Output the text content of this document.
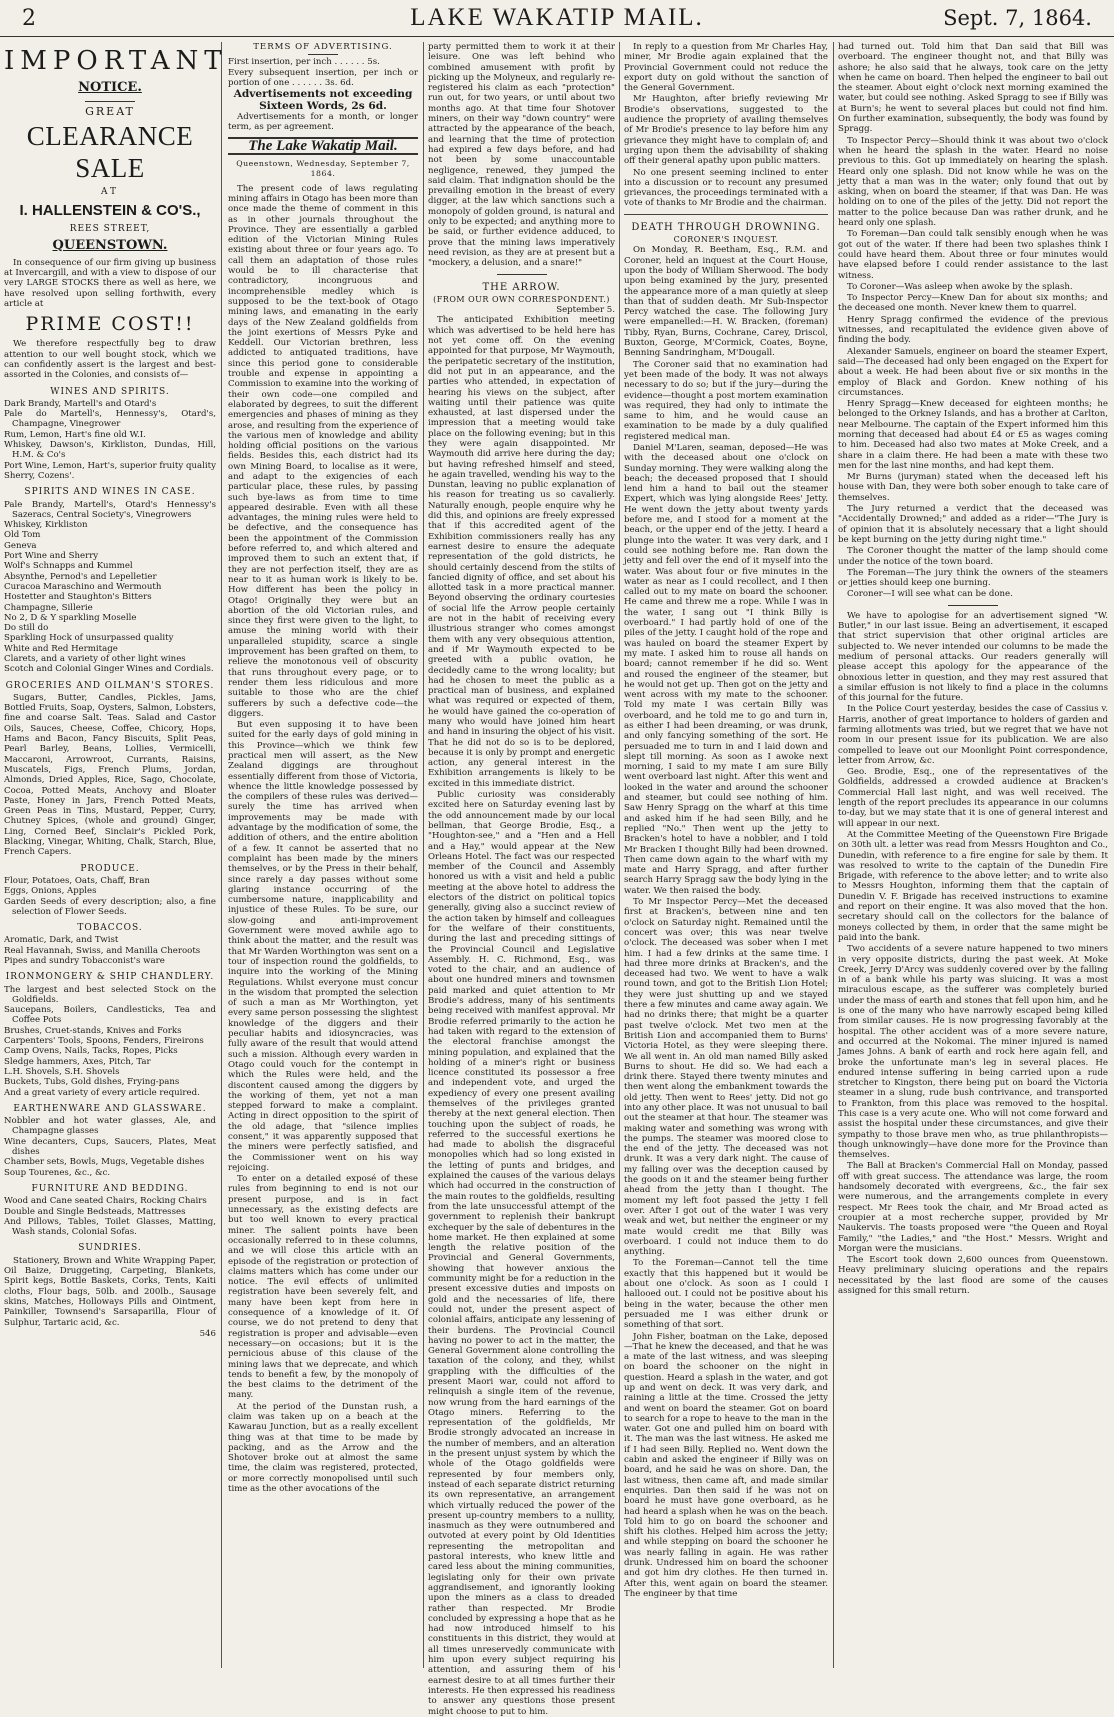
2	LAKE WAKATIP MAIL.	Sept. 7, 1864.
IMPORTANT
NOTICE.
GREAT
CLEARANCE SALE
AT
I. HALLENSTEIN & CO'S.,
REES STREET,
QUEENSTOWN.

In consequence of our firm giving up business at Invercargill, and with a view to dispose of our very LARGE STOCKS there as well as here, we have resolved upon selling forthwith, every article at

PRIME COST!!

We therefore respectfully beg to draw attention to our well bought stock, which we can confidently assert is the largest and best-assorted in the Colonies, and consists of—

WINES AND SPIRITS.
Dark Brandy, Martell's and Otard's
Pale do Martell's, Hennessy's, Otard's, Champagne, Vinegrower
Rum, Lemon, Hart's fine old W.I.
Whiskey, Dawson's, Kirkliston, Dundas, Hill, H.M. & Co's
Port Wine, Lemon, Hart's, superior fruity quality
Sherry, Cozens'.
SPIRITS AND WINES IN CASE.
Pale Brandy, Martell's, Otard's Hennessy's Sazeracs, Central Society's, Vinegrowers
Whiskey, Kirkliston
Old Tom
Geneva
Port Wine and Sherry
Wolf's Schnapps and Kummel
Absynthe, Pernod's and Lepelletier
Curacoa Maraschino and Wermouth
Hostetter and Staughton's Bitters
Champagne, Sillerie
No 2, D & Y sparkling Moselle
Do still do
Sparkling Hock of unsurpassed quality
White and Red Hermitage
Clarets, and a variety of other light wines
Scotch and Colonial Ginger Wines and Cordials.
GROCERIES AND OILMAN'S STORES.

Sugars, Butter, Candles, Pickles, Jams, Bottled Fruits, Soap, Oysters, Salmon, Lobsters, fine and coarse Salt. Teas. Salad and Castor Oils, Sauces, Cheese, Coffee, Chicory, Hops, Hams and Bacon, Fancy Biscuits, Split Peas, Pearl Barley, Beans, Lollies, Vermicelli, Maccaroni, Arrowroot, Currants, Raisins, Muscatels, Figs, French Plums, Jordan, Almonds, Dried Apples, Rice, Sago, Chocolate, Cocoa, Potted Meats, Anchovy and Bloater Paste, Honey in Jars, French Potted Meats, Green Peas in Tins, Mustard, Pepper, Curry, Chutney Spices, (whole and ground) Ginger, Ling, Corned Beef, Sinclair's Pickled Pork, Blacking, Vinegar, Whiting, Chalk, Starch, Blue, French Capers.

PRODUCE.
Flour, Potatoes, Oats, Chaff, Bran
Eggs, Onions, Apples
Garden Seeds of every description; also, a fine selection of Flower Seeds.
TOBACCOS.
Aromatic, Dark, and Twist
Real Havannah, Swiss, and Manilla Cheroots
Pipes and sundry Tobacconist's ware
IRONMONGERY & SHIP CHANDLERY.
The largest and best selected Stock on the Goldfields.
Saucepans, Boilers, Candlesticks, Tea and Coffee Pots
Brushes, Cruet-stands, Knives and Forks
Carpenters' Tools, Spoons, Fenders, Fireirons
Camp Ovens, Nails, Tacks, Ropes, Picks
Sledge hammers, Axes, Pitch, Tar
L.H. Shovels, S.H. Shovels
Buckets, Tubs, Gold dishes, Frying-pans
And a great variety of every article required.
EARTHENWARE AND GLASSWARE.
Nobbler and hot water glasses, Ale, and Champagne glasses
Wine decanters, Cups, Saucers, Plates, Meat dishes
Chamber sets, Bowls, Mugs, Vegetable dishes
Soup Tourenes, &c., &c.
FURNITURE AND BEDDING.
Wood and Cane seated Chairs, Rocking Chairs
Double and Single Bedsteads, Mattresses
And Pillows, Tables, Toilet Glasses, Matting, Wash stands, Colonial Sofas.
SUNDRIES.

Stationery, Brown and White Wrapping Paper, Oil Baize, Druggeting, Carpeting, Blankets, Spirit kegs, Bottle Baskets, Corks, Tents, Kaiti cloths, Flour bags, 50lb. and 200lb., Sausage skins, Matches, Holloways Pills and Ointment, Painkiller, Townsend's Sarsaparilla, Flour of Sulphur, Tartaric acid, &c.

546
TERMS OF ADVERTISING.
First insertion, per inch . . . . . . 5s.
Every subsequent insertion, per inch or portion of one . . . . . . 3s. 6d.
Advertisements not exceeding Sixteen Words, 2s 6d.

Advertisements for a month, or longer term, as per agreement.

The Lake Wakatip Mail.
Queenstown, Wednesday, September 7, 1864.

The present code of laws regulating mining affairs in Otago has been more than once made the theme of comment in this as in other journals throughout the Province. They are essentially a garbled edition of the Victorian Mining Rules existing about three or four years ago. To call them an adaptation of those rules would be to ill characterise that contradictory, incongruous and incomprehensible medley which is supposed to be the text-book of Otago mining laws, and emanating in the early days of the New Zealand goldfields from the joint exertions of Messrs Pyke and Keddell. Our Victorian brethren, less addicted to antiquated traditions, have since this period gone to considerable trouble and expense in appointing a Commission to examine into the working of their own code—one compiled and elaborated by degrees, to suit the different emergencies and phases of mining as they arose, and resulting from the experience of the various men of knowledge and ability holding official positions on the various fields. Besides this, each district had its own Mining Board, to localise as it were, and adapt to the exigencies of each particular place, these rules, by passing such bye-laws as from time to time appeared desirable. Even with all these advantages, the mining rules were held to be defective, and the consequence has been the appointment of the Commission before referred to, and which altered and improved them to such an extent that, if they are not perfection itself, they are as near to it as human work is likely to be. How different has been the policy in Otago! Originally they were but an abortion of the old Victorian rules, and since they first were given to the light, to amuse the mining world with their unparalleled stupidity, scarce a single improvement has been grafted on them, to relieve the monotonous veil of obscurity that runs throughout every page, or to render them less ridiculous and more suitable to those who are the chief sufferers by such a defective code—the diggers.

But even supposing it to have been suited for the early days of gold mining in this Province—which we think few practical men will assert, as the New Zealand diggings are throughout essentially different from those of Victoria, whence the little knowledge possessed by the compilers of these rules was derived—surely the time has arrived when improvements may be made with advantage by the modification of some, the addition of others, and the entire abolition of a few. It cannot be asserted that no complaint has been made by the miners themselves, or by the Press in their behalf, since rarely a day passes without some glaring instance occurring of the cumbersome nature, inapplicability and injustice of these Rules. To be sure, our slow-going and anti-improvement Government were moved awhile ago to think about the matter, and the result was that Mr Warden Worthington was sent on a tour of inspection round the goldfields, to inquire into the working of the Mining Regulations. Whilst everyone must concur in the wisdom that prompted the selection of such a man as Mr Worthington, yet every same person possessing the slightest knowledge of the diggers and their peculiar habits and idiosyncracies, was fully aware of the result that would attend such a mission. Although every warden in Otago could vouch for the contempt in which the Rules were held, and the discontent caused among the diggers by the working of them, yet not a man stepped forward to make a complaint. Acting in direct opposition to the spirit of the old adage, that "silence implies consent," it was apparently supposed that the miners were perfectly satisfied, and the Commissioner went on his way rejoicing.

To enter on a detailed exposé of these rules from beginning to end is not our present purpose, and is in fact unnecessary, as the existing defects are but too well known to every practical miner. The salient points have been occasionally referred to in these columns, and we will close this article with an episode of the registration or protection of claims matters which has come under our notice. The evil effects of unlimited registration have been severely felt, and many have been kept from here in consequence of a knowledge of it. Of course, we do not pretend to deny that registration is proper and advisable—even necessary—on occasions; but it is the pernicious abuse of this clause of the mining laws that we deprecate, and which tends to benefit a few, by the monopoly of the best claims to the detriment of the many.

At the period of the Dunstan rush, a claim was taken up on a beach at the Kawarau Junction, but as a really excellent thing was at that time to be made by packing, and as the Arrow and the Shotover broke out at almost the same time, the claim was registered, protected, or more correctly monopolised until such time as the other avocations of the

party permitted them to work it at their leisure. One was left behind who combined amusement with profit by picking up the Molyneux, and regularly re-registered his claim as each "protection" run out, for two years, or until about two months ago. At that time four Shotover miners, on their way "down country" were attracted by the appearance of the beach, and learning that the time of protection had expired a few days before, and had not been by some unaccountable negligence, renewed, they jumped the said claim. That indignation should be the prevailing emotion in the breast of every digger, at the law which sanctions such a monopoly of golden ground, is natural and only to be expected; and anything more to be said, or further evidence adduced, to prove that the mining laws imperatively need revision, as they are at present but a "mockery, a delusion, and a snare!"

THE ARROW.
(FROM OUR OWN CORRESPONDENT.)
September 5.

The anticipated Exhibition meeting which was advertised to be held here has not yet come off. On the evening appointed for that purpose, Mr Waymouth, the peripatetic secretary of the institution, did not put in an appearance, and the parties who attended, in expectation of hearing his views on the subject, after waiting until their patience was quite exhausted, at last dispersed under the impression that a meeting would take place on the following evening; but in this they were again disappointed. Mr Waymouth did arrive here during the day; but having refreshed himself and steed, he again travelled, wending his way to the Dunstan, leaving no public explanation of his reason for treating us so cavalierly. Naturally enough, people enquire why he did this, and opinions are freely expressed that if this accredited agent of the Exhibition commissioners really has any earnest desire to ensure the adequate representation of the gold districts, he should certainly descend from the stilts of fancied dignity of office, and set about his allotted task in a more practical manner. Beyond observing the ordinary courtesies of social life the Arrow people certainly are not in the habit of receiving every illustrious stranger who comes amongst them with any very obsequious attention, and if Mr Waymouth expected to be greeted with a public ovation, he decidedly came to the wrong locality; but had he chosen to meet the public as a practical man of business, and explained what was required or expected of them, he would have gained the co-operation of many who would have joined him heart and hand in insuring the object of his visit. That he did not do so is to be deplored, because it is only by prompt and energetic action, any general interest in the Exhibition arrangements is likely to be excited in this immediate district.

Public curiosity was considerably excited here on Saturday evening last by the odd announcement made by our local bellman, that George Brodie, Esq., a "Houghton-see," and a "Hen and a Hell and a Hay," would appear at the New Orleans Hotel. The fact was our respected member of the Council and Assembly honored us with a visit and held a public meeting at the above hotel to address the electors of the district on political topics generally, giving also a succinct review of the action taken by himself and colleagues for the welfare of their constituents, during the last and preceding sittings of the Provincial Council and Legislative Assembly. H. C. Richmond, Esq., was voted to the chair, and an audience of about one hundred miners and townsmen paid marked and quiet attention to Mr Brodie's address, many of his sentiments being received with manifest approval. Mr Brodie referred primarily to the action he had taken with regard to the extension of the electoral franchise amongst the mining population, and explained that the holding of a miner's right or business licence constituted its possessor a free and independent vote, and urged the expediency of every one present availing themselves of the privileges granted thereby at the next general election. Then touching upon the subject of roads, he referred to the successful exertions he had made to abolish the disgraceful monopolies which had so long existed in the letting of punts and bridges, and explained the causes of the various delays which had occurred in the construction of the main routes to the goldfields, resulting from the late unsuccessful attempt of the government to replenish their bankrupt exchequer by the sale of debentures in the home market. He then explained at some length the relative position of the Provincial and General Governments, showing that however anxious the community might be for a reduction in the present excessive duties and imposts on gold and the necessaries of life, there could not, under the present aspect of colonial affairs, anticipate any lessening of their burdens. The Provincial Council having no power to act in the matter, the General Government alone controlling the taxation of the colony, and they, whilst grappling with the difficulties of the present Maori war, could not afford to relinquish a single item of the revenue, now wrung from the hard earnings of the Otago miners. Referring to the representation of the goldfields, Mr Brodie strongly advocated an increase in the number of members, and an alteration in the present unjust system by which the whole of the Otago goldfields were represented by four members only, instead of each separate district returning its own representative, an arrangement which virtually reduced the power of the present up-country members to a nullity, inasmuch as they were outnumbered and outvoted at every point by Old Identities representing the metropolitan and pastoral interests, who knew little and cared less about the mining communities, legislating only for their own private aggrandisement, and ignorantly looking upon the miners as a class to dreaded rather than respected. Mr Brodie concluded by expressing a hope that as he had now introduced himself to his constituents in this district, they would at all times unreservedly communicate with him upon every subject requiring his attention, and assuring them of his earnest desire to at all times further their interests. He then expressed his readiness to answer any questions those present might choose to put to him.

In reply to a question from Mr Charles Hay, miner, Mr Brodie again explained that the Provincial Government could not reduce the export duty on gold without the sanction of the General Government.

Mr Haughton, after briefly reviewing Mr Brodie's observations, suggested to the audience the propriety of availing themselves of Mr Brodie's presence to lay before him any grievance they might have to complain of; and urging upon them the advisability of shaking off their general apathy upon public matters.

No one present seeming inclined to enter into a discussion or to recount any presumed grievances, the proceedings terminated with a vote of thanks to Mr Brodie and the chairman.

DEATH THROUGH DROWNING.
CORONER'S INQUEST.

On Monday, R. Beetham, Esq., R.M. and Coroner, held an inquest at the Court House, upon the body of William Sherwood. The body upon being examined by the jury, presented the appearance more of a man quietly at sleep than that of sudden death. Mr Sub-Inspector Percy watched the case. The following Jury were empanelled:—H. W. Bracken, (foreman) Tibby, Ryan, Burns, Cochrane, Carey, Driscol, Buxton, George, M'Cormick, Coates, Boyne, Benning Sandringham, M'Dougall.

The Coroner said that no examination had yet been made of the body. It was not always necessary to do so; but if the jury—during the evidence—thought a post mortem examination was required, they had only to intimate the same to him, and he would cause an examination to be made by a duly qualified registered medical man.

Daniel M'Laren, seaman, deposed—He was with the deceased about one o'clock on Sunday morning. They were walking along the beach; the deceased proposed that I should lend him a hand to bail out the steamer Expert, which was lying alongside Rees' Jetty. He went down the jetty about twenty yards before me, and I stood for a moment at the beach, or the upper end of the jetty. I heard a plunge into the water. It was very dark, and I could see nothing before me. Ran down the jetty and fell over the end of it myself into the water. Was about four or five minutes in the water as near as I could recollect, and I then called out to my mate on board the schooner. He came and threw me a rope. While I was in the water, I sang out "I think Billy is overboard." I had partly hold of one of the piles of the jetty. I caught hold of the rope and was hauled on board the steamer Expert by my mate. I asked him to rouse all hands on board; cannot remember if he did so. Went and roused the engineer of the steamer, but he would not get up. Then got on the jetty and went across with my mate to the schooner. Told my mate I was certain Billy was overboard, and he told me to go and turn in, as either I had been dreaming, or was drunk, and only fancying something of the sort. He persuaded me to turn in and I laid down and slept till morning. As soon as I awoke next morning, I said to my mate I am sure Billy went overboard last night. After this went and looked in the water and around the schooner and steamer, but could see nothing of him. Saw Henry Spragg on the wharf at this time and asked him if he had seen Billy, and he replied "No." Then went up the jetty to Bracken's hotel to have a nobbler, and I told Mr Bracken I thought Billy had been drowned. Then came down again to the wharf with my mate and Harry Spragg, and after further search Harry Spragg saw the body lying in the water. We then raised the body.

To Mr Inspector Percy—Met the deceased first at Bracken's, between nine and ten o'clock on Saturday night. Remained until the concert was over; this was near twelve o'clock. The deceased was sober when I met him. I had a few drinks at the same time. I had three more drinks at Bracken's, and the deceased had two. We went to have a walk round town, and got to the British Lion Hotel; they were just shutting up and we stayed there a few minutes and came away again. We had no drinks there; that might be a quarter past twelve o'clock. Met two men at the British Lion and accompanied them to Burns' Victoria Hotel, as they were sleeping there. We all went in. An old man named Billy asked Burns to shout. He did so. We had each a drink there. Stayed there twenty minutes and then went along the embankment towards the old jetty. Then went to Rees' jetty. Did not go into any other place. It was not unusual to bail out the steamer at that hour. The steamer was making water and something was wrong with the pumps. The steamer was moored close to the end of the jetty. The deceased was not drunk. It was a very dark night. The cause of my falling over was the deception caused by the goods on it and the steamer being further ahead from the jetty than I thought. The moment my left foot passed the jetty I fell over. After I got out of the water I was very weak and wet, but neither the engineer or my mate would credit me that Billy was overboard. I could not induce them to do anything.

To the Foreman—Cannot tell the time exactly that this happened but it would be about one o'clock. As soon as I could I hallooed out. I could not be positive about his being in the water, because the other men persuaded me I was either drunk or something of that sort.

John Fisher, boatman on the Lake, deposed—That he knew the deceased, and that he was a mate of the last witness, and was sleeping on board the schooner on the night in question. Heard a splash in the water, and got up and went on deck. It was very dark, and raining a little at the time. Crossed the jetty and went on board the steamer. Got on board to search for a rope to heave to the man in the water. Got one and pulled him on board with it. The man was the last witness. He asked me if I had seen Billy. Replied no. Went down the cabin and asked the engineer if Billy was on board, and he said he was on shore. Dan, the last witness, then came aft, and made similar enquiries. Dan then said if he was not on board he must have gone overboard, as he had heard a splash when he was on the beach. Told him to go on board the schooner and shift his clothes. Helped him across the jetty; and while stepping on board the schooner he was nearly falling in again. He was rather drunk. Undressed him on board the schooner and got him dry clothes. He then turned in. After this, went again on board the steamer. The engineer by that time

had turned out. Told him that Dan said that Bill was overboard. The engineer thought not, and that Billy was ashore; he also said that he always, took care on the jetty when he came on board. Then helped the engineer to bail out the steamer. About eight o'clock next morning examined the water, but could see nothing. Asked Spragg to see if Billy was at Burn's; he went to several places but could not find him. On further examination, subsequently, the body was found by Spragg.

To Inspector Percy—Should think it was about two o'clock when he heard the splash in the water. Heard no noise previous to this. Got up immediately on hearing the splash. Heard only one splash. Did not know while he was on the jetty that a man was in the water; only found that out by asking, when on board the steamer, if that was Dan. He was holding on to one of the piles of the jetty. Did not report the matter to the police because Dan was rather drunk, and he heard only one splash.

To Foreman—Dan could talk sensibly enough when he was got out of the water. If there had been two splashes think I could have heard them. About three or four minutes would have elapsed before I could render assistance to the last witness.

To Coroner—Was asleep when awoke by the splash.

To Inspector Percy—Knew Dan for about six months; and the deceased one month. Never knew them to quarrel.

Henry Spragg confirmed the evidence of the previous witnesses, and recapitulated the evidence given above of finding the body.

Alexander Samuels, engineer on board the steamer Expert, said—The deceased had only been engaged on the Expert for about a week. He had been about five or six months in the employ of Black and Gordon. Knew nothing of his circumstances.

Henry Spragg—Knew deceased for eighteen months; he belonged to the Orkney Islands, and has a brother at Carlton, near Melbourne. The captain of the Expert informed him this morning that deceased had about £4 or £5 as wages coming to him. Deceased had also two mates at Moke Creek, and a share in a claim there. He had been a mate with these two men for the last nine months, and had kept them.

Mr Burns (juryman) stated when the deceased left his house with Dan, they were both sober enough to take care of themselves.

The Jury returned a verdict that the deceased was "Accidentally Drowned;" and added as a rider—"The Jury is of opinion that it is absolutely necessary that a light should be kept burning on the jetty during night time."

The Coroner thought the matter of the lamp should come under the notice of the town board.

The Foreman—The jury think the owners of the steamers or jetties should keep one burning.

Coroner—I will see what can be done.

We have to apologise for an advertisement signed "W. Butler," in our last issue. Being an advertisement, it escaped that strict supervision that other original articles are subjected to. We never intended our columns to be made the medium of personal attacks. Our readers generally will please accept this apology for the appearance of the obnoxious letter in question, and they may rest assured that a similar effusion is not likely to find a place in the columns of this journal for the future.

In the Police Court yesterday, besides the case of Cassius v. Harris, another of great importance to holders of garden and farming allotments was tried, but we regret that we have not room in our present issue for its publication. We are also compelled to leave out our Moonlight Point correspondence, letter from Arrow, &c.

Geo. Brodie, Esq., one of the representatives of the Goldfields, addressed a crowded audience at Bracken's Commercial Hall last night, and was well received. The length of the report precludes its appearance in our columns to-day, but we may state that it is one of general interest and will appear in our next.

At the Committee Meeting of the Queenstown Fire Brigade on 30th ult. a letter was read from Messrs Houghton and Co., Dunedin, with reference to a fire engine for sale by them. It was resolved to write to the captain of the Dunedin Fire Brigade, with reference to the above letter; and to write also to Messrs Houghton, informing them that the captain of Dunedin V. F. Brigade has received instructions to examine and report on their engine. It was also moved that the hon. secretary should call on the collectors for the balance of moneys collected by them, in order that the same might be paid into the bank.

Two accidents of a severe nature happened to two miners in very opposite districts, during the past week. At Moke Creek, Jerry D'Arcy was suddenly covered over by the falling in of a bank while his party was sluicing. It was a most miraculous escape, as the sufferer was completely buried under the mass of earth and stones that fell upon him, and he is one of the many who have narrowly escaped being killed from similar causes. He is now progressing favorably at the hospital. The other accident was of a more severe nature, and occurred at the Nokomai. The miner injured is named James Johns. A bank of earth and rock here again fell, and broke the unfortunate man's leg in several places. He endured intense suffering in being carried upon a rude stretcher to Kingston, there being put on board the Victoria steamer in a slung, rude bush contrivance, and transported to Frankton, from this place was removed to the hospital. This case is a very acute one. Who will not come forward and assist the hospital under these circumstances, and give their sympathy to those brave men who, as true philanthropists—though unknowingly—have done more for the Province than themselves.

The Ball at Bracken's Commercial Hall on Monday, passed off with great success. The attendance was large, the room handsomely decorated with evergreens, &c., the fair sex were numerous, and the arrangements complete in every respect. Mr Rees took the chair, and Mr Broad acted as croupier at a most recherche supper, provided by Mr Naukervis. The toasts proposed were "the Queen and Royal Family," "the Ladies," and "the Host." Messrs. Wright and Morgan were the musicians.

The Escort took down 2,600 ounces from Queenstown. Heavy preliminary sluicing operations and the repairs necessitated by the last flood are some of the causes assigned for this small return.
